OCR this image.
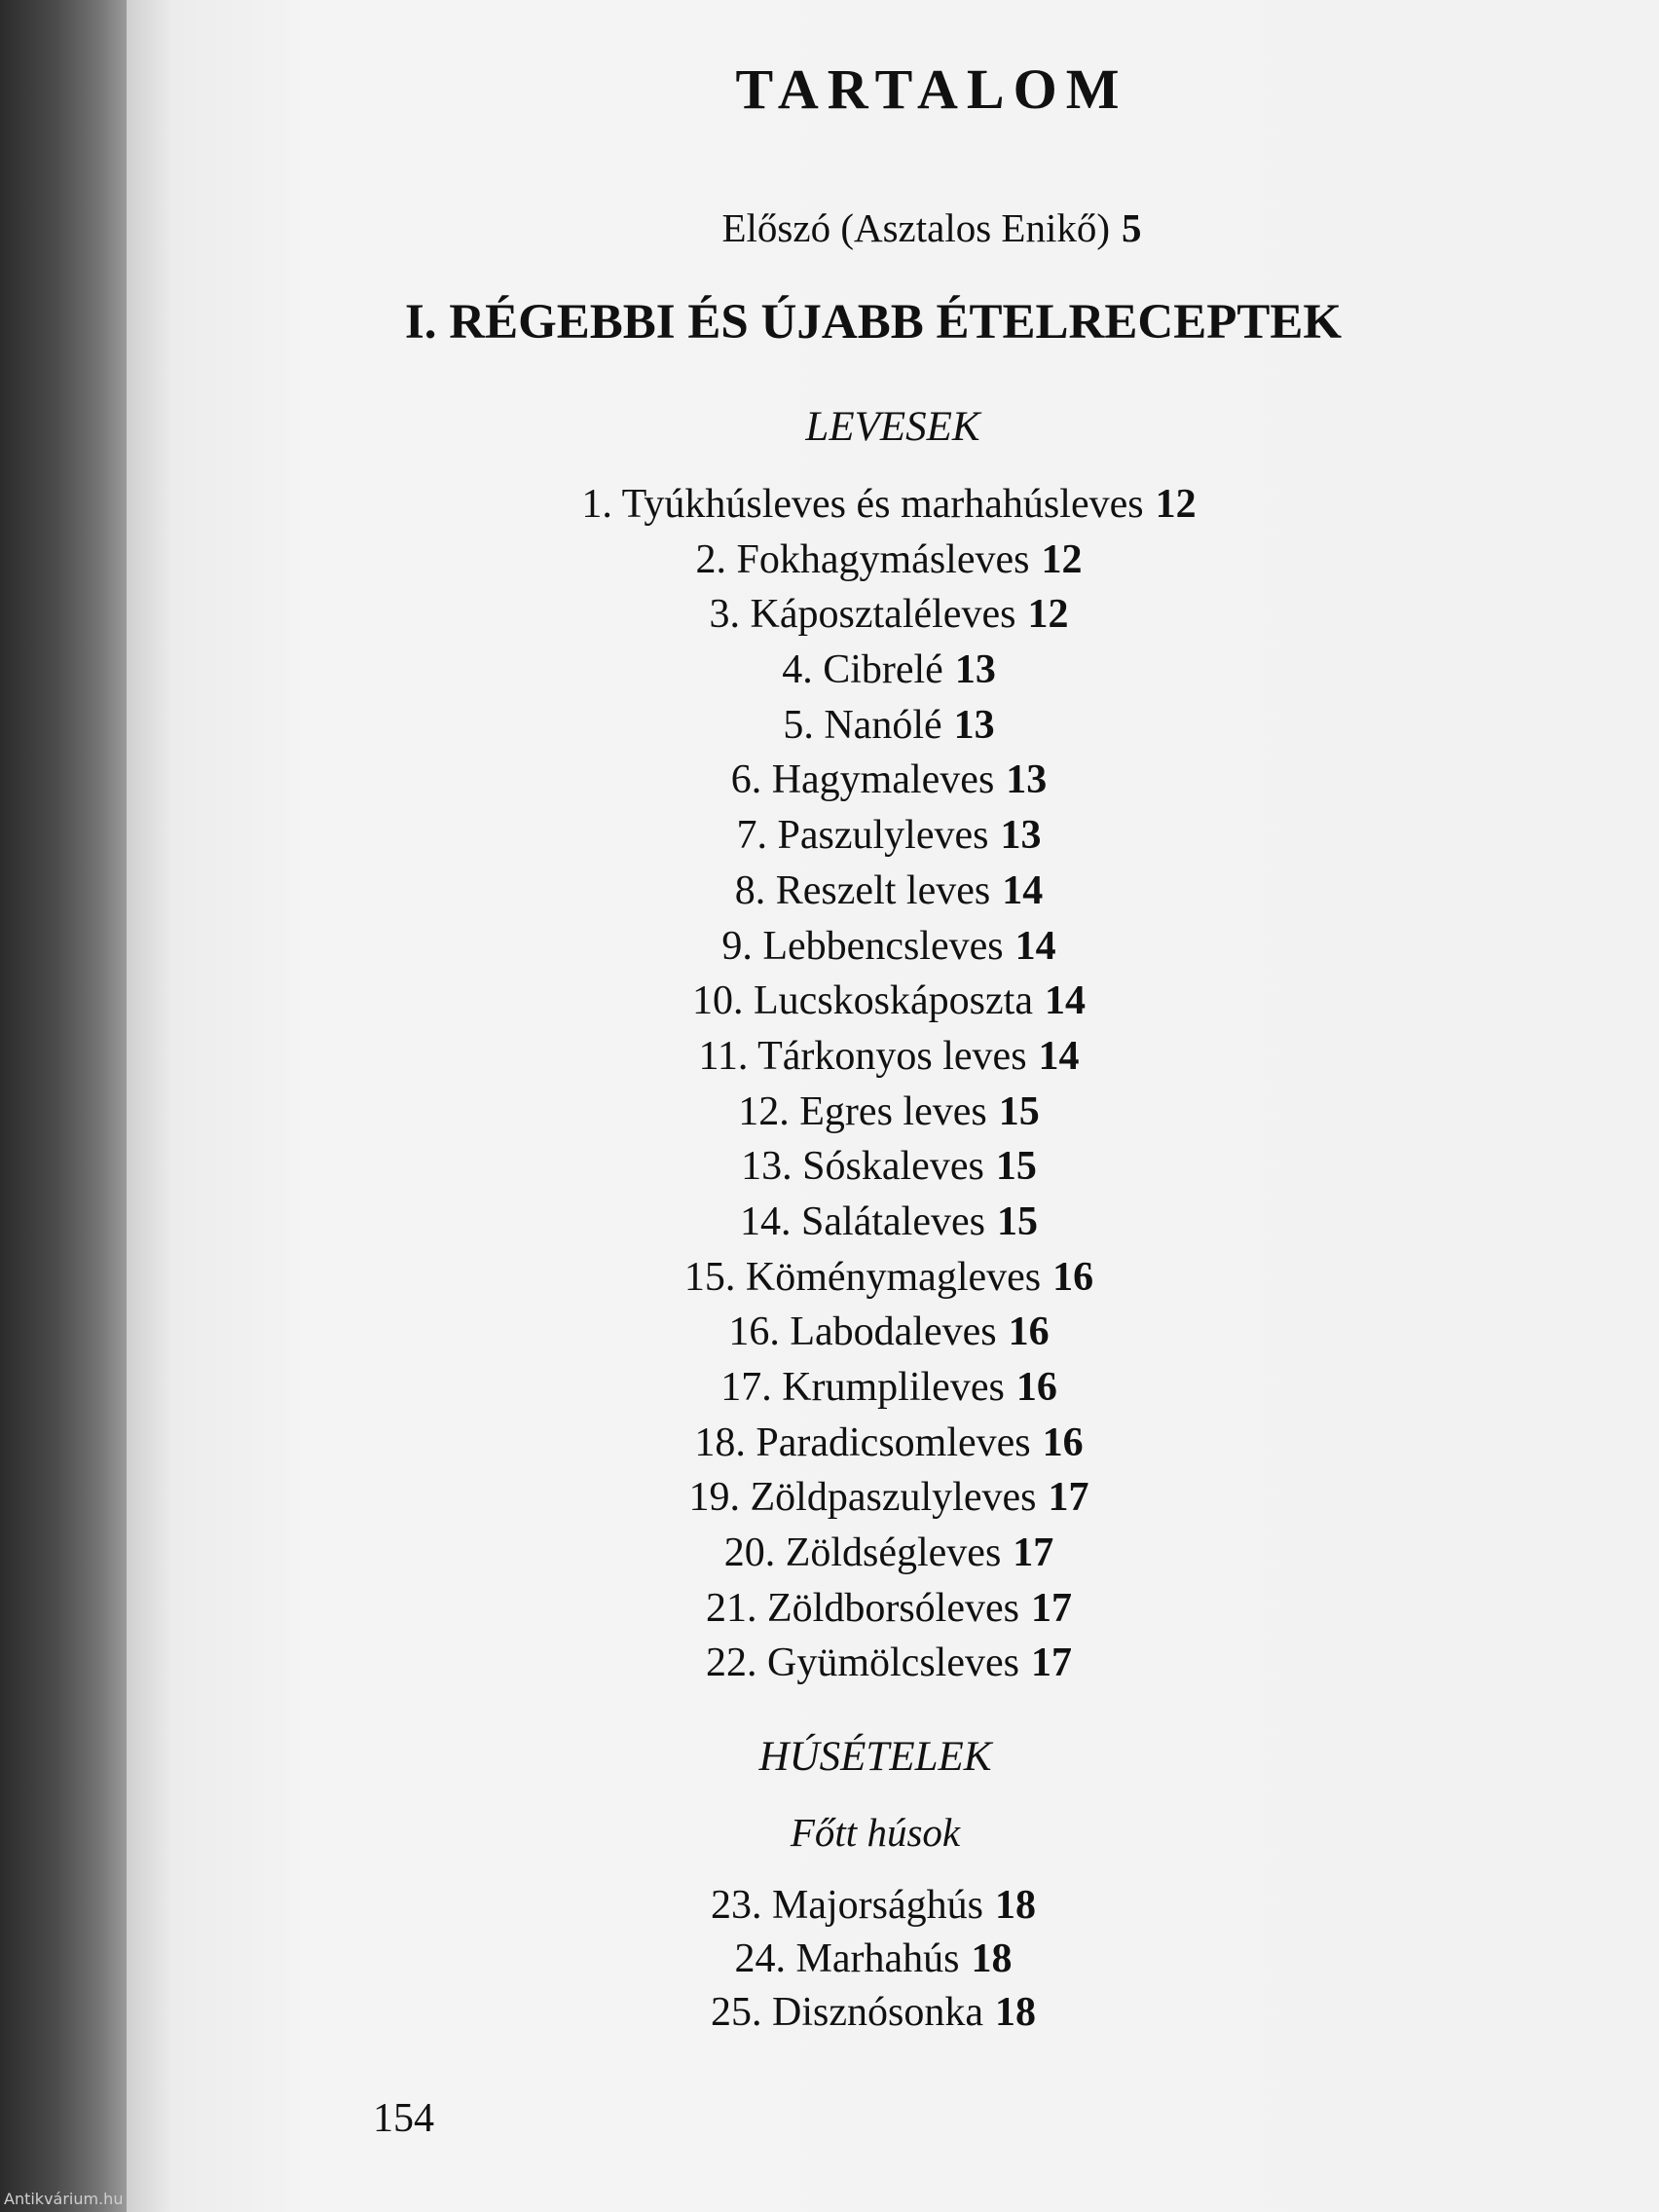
TARTALOM
Előszó (Asztalos Enikő) 5
I. RÉGEBBI ÉS ÚJABB ÉTELRECEPTEK
LEVESEK
1. Tyúkhúsleves és marhahúsleves 12
2. Fokhagymásleves 12
3. Káposztaléleves 12
4. Cibrelé 13
5. Nanólé 13
6. Hagymaleves 13
7. Paszulyleves 13
8. Reszelt leves 14
9. Lebbencsleves 14
10. Lucskoskáposzta 14
11. Tárkonyos leves 14
12. Egres leves 15
13. Sóskaleves 15
14. Salátaleves 15
15. Köménymagleves 16
16. Labodaleves 16
17. Krumplileves 16
18. Paradicsomleves 16
19. Zöldpaszulyleves 17
20. Zöldségleves 17
21. Zöldborsóleves 17
22. Gyümölcsleves 17
HÚSÉTELEK
Főtt húsok
23. Majorsághús 18
24. Marhahús 18
25. Disznósonka 18
154
Antikvárium.hu
